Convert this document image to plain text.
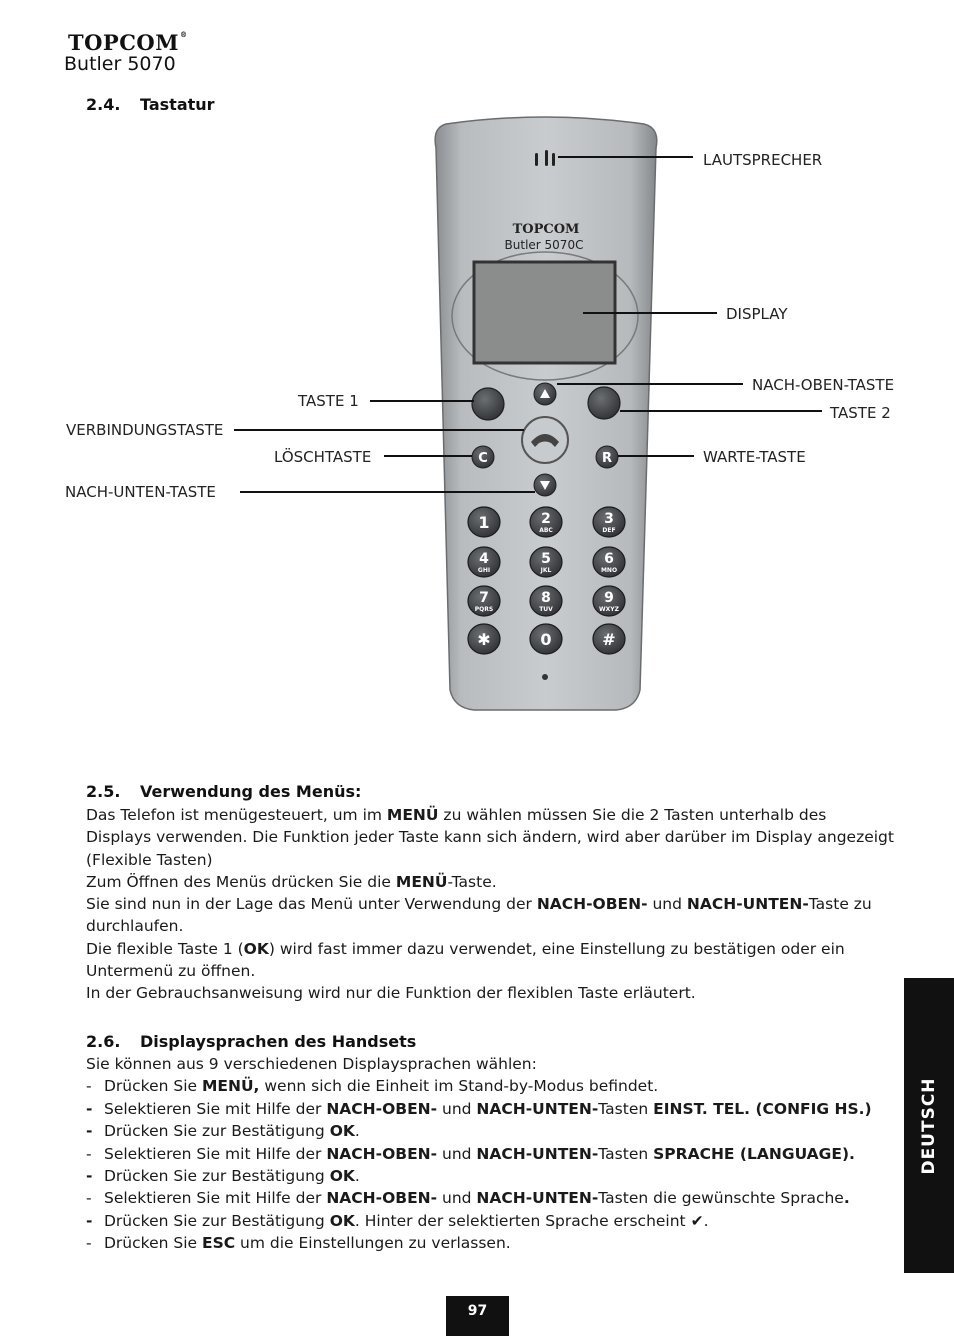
TOPCOM®
Butler 5070
2.4. Tastatur
TOPCOM
Butler 5070C
C	R
1	2
ABC
3
DEF
4
GHI
5
JKL
6
MNO
7
PQRS
8
TUV
9
WXYZ
✱	0	#
LAUTSPRECHER
DISPLAY
NACH-OBEN-TASTE
TASTE 1
TASTE 2
VERBINDUNGSTASTE
LÖSCHTASTE	WARTE-TASTE
NACH-UNTEN-TASTE
2.5. Verwendung des Menüs:

Das Telefon ist menügesteuert, um im MENÜ zu wählen müssen Sie die 2 Tasten unterhalb des Displays verwenden. Die Funktion jeder Taste kann sich ändern, wird aber darüber im Display angezeigt (Flexible Tasten)

Zum Öffnen des Menüs drücken Sie die MENÜ-Taste.

Sie sind nun in der Lage das Menü unter Verwendung der NACH-OBEN- und NACH-UNTEN-Taste zu durchlaufen.

Die flexible Taste 1 (OK) wird fast immer dazu verwendet, eine Einstellung zu bestätigen oder ein Untermenü zu öffnen.

In der Gebrauchsanweisung wird nur die Funktion der flexiblen Taste erläutert.

2.6. Displaysprachen des Handsets
Sie können aus 9 verschiedenen Displaysprachen wählen:
- Drücken Sie MENÜ, wenn sich die Einheit im Stand-by-Modus befindet.
- Selektieren Sie mit Hilfe der NACH-OBEN- und NACH-UNTEN-Tasten EINST. TEL. (CONFIG HS.)
- Drücken Sie zur Bestätigung OK.
- Selektieren Sie mit Hilfe der NACH-OBEN- und NACH-UNTEN-Tasten SPRACHE (LANGUAGE).
- Drücken Sie zur Bestätigung OK.
- Selektieren Sie mit Hilfe der NACH-OBEN- und NACH-UNTEN-Tasten die gewünschte Sprache.
- Drücken Sie zur Bestätigung OK. Hinter der selektierten Sprache erscheint ✔.
- Drücken Sie ESC um die Einstellungen zu verlassen.
DEUTSCH
97
